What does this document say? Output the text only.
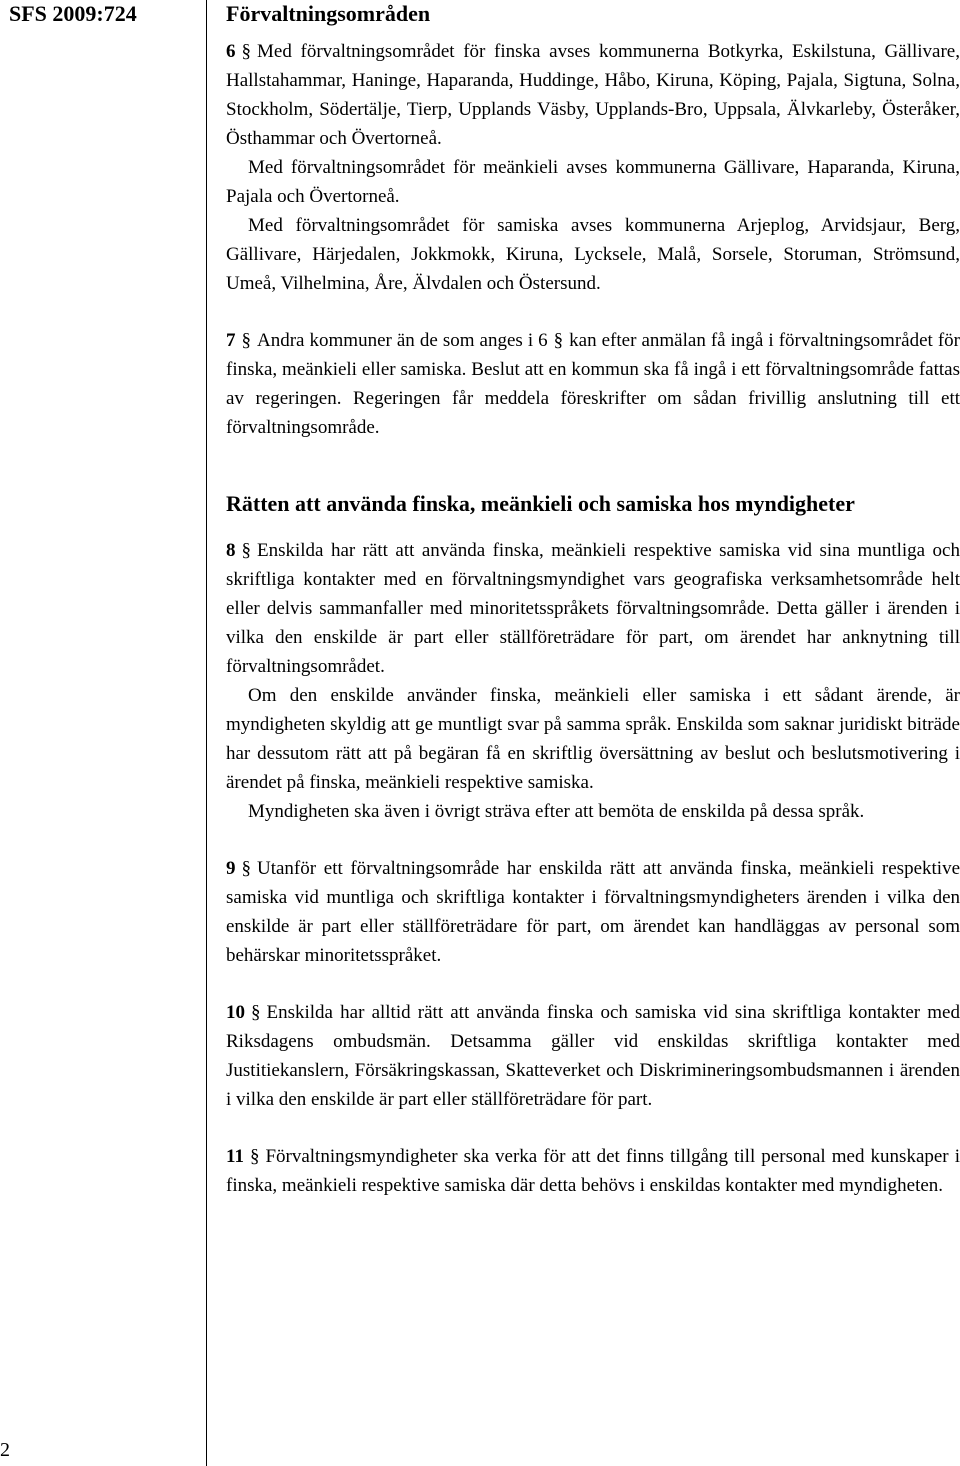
SFS 2009:724
2
Förvaltningsområden

6 § Med förvaltningsområdet för finska avses kommunerna Botkyrka, Eskilstuna, Gällivare, Hallstahammar, Haninge, Haparanda, Huddinge, Håbo, Kiruna, Köping, Pajala, Sigtuna, Solna, Stockholm, Södertälje, Tierp, Upplands Väsby, Upplands-Bro, Uppsala, Älvkarleby, Österåker, Östhammar och Övertorneå.

Med förvaltningsområdet för meänkieli avses kommunerna Gällivare, Haparanda, Kiruna, Pajala och Övertorneå.

Med förvaltningsområdet för samiska avses kommunerna Arjeplog, Arvidsjaur, Berg, Gällivare, Härjedalen, Jokkmokk, Kiruna, Lycksele, Malå, Sorsele, Storuman, Strömsund, Umeå, Vilhelmina, Åre, Älvdalen och Östersund.

7 § Andra kommuner än de som anges i 6 § kan efter anmälan få ingå i förvaltningsområdet för finska, meänkieli eller samiska. Beslut att en kommun ska få ingå i ett förvaltningsområde fattas av regeringen. Regeringen får meddela föreskrifter om sådan frivillig anslutning till ett förvaltningsområde.

Rätten att använda finska, meänkieli och samiska hos myndigheter

8 § Enskilda har rätt att använda finska, meänkieli respektive samiska vid sina muntliga och skriftliga kontakter med en förvaltningsmyndighet vars geografiska verksamhetsområde helt eller delvis sammanfaller med minoritetsspråkets förvaltningsområde. Detta gäller i ärenden i vilka den enskilde är part eller ställföreträdare för part, om ärendet har anknytning till förvaltningsområdet.

Om den enskilde använder finska, meänkieli eller samiska i ett sådant ärende, är myndigheten skyldig att ge muntligt svar på samma språk. Enskilda som saknar juridiskt biträde har dessutom rätt att på begäran få en skriftlig översättning av beslut och beslutsmotivering i ärendet på finska, meänkieli respektive samiska.

Myndigheten ska även i övrigt sträva efter att bemöta de enskilda på dessa språk.

9 § Utanför ett förvaltningsområde har enskilda rätt att använda finska, meänkieli respektive samiska vid muntliga och skriftliga kontakter i förvaltningsmyndigheters ärenden i vilka den enskilde är part eller ställföreträdare för part, om ärendet kan handläggas av personal som behärskar minoritetsspråket.

10 § Enskilda har alltid rätt att använda finska och samiska vid sina skriftliga kontakter med Riksdagens ombudsmän. Detsamma gäller vid enskildas skriftliga kontakter med Justitiekanslern, Försäkringskassan, Skatteverket och Diskrimineringsombudsmannen i ärenden i vilka den enskilde är part eller ställföreträdare för part.

11 § Förvaltningsmyndigheter ska verka för att det finns tillgång till personal med kunskaper i finska, meänkieli respektive samiska där detta behövs i enskildas kontakter med myndigheten.
